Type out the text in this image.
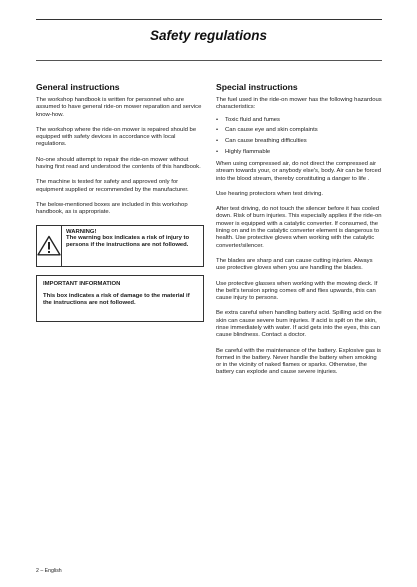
Safety regulations
General instructions

The workshop handbook is written for personnel who are assumed to have general ride-on mower reparation and service know-how.

The workshop where the ride-on mower is repaired should be equipped with safety devices in accordance with local regulations.

No-one should attempt to repair the ride-on mower without having first read and understood the contents of this handbook.

The machine is tested for safety and approved only for equipment supplied or recommended by the manufacturer.

The below-mentioned boxes are included in this workshop handbook, as is appropriate.

WARNING!
The warning box indicates a risk of injury to persons if the instructions are not followed.
IMPORTANT INFORMATION
This box indicates a risk of damage to the material if the instructions are not followed.
Special instructions

The fuel used in the ride-on mower has the following hazardous characteristics:

• Toxic fluid and fumes
• Can cause eye and skin complaints
• Can cause breathing difficulties
• Highly flammable

When using compressed air, do not direct the compressed air stream towards your, or anybody else's, body. Air can be forced into the blood stream, thereby constituting a danger to life .

Use hearing protectors when test driving.

After test driving, do not touch the silencer before it has cooled down. Risk of burn injuries. This especially applies if the ride-on mower is equipped with a catalytic converter. If consumed, the lining on and in the catalytic converter element is dangerous to health. Use protective gloves when working with the catalytic converter/silencer.

The blades are sharp and can cause cutting injuries. Always use protective gloves when you are handling the blades.

Use protective glasses when working with the mowing deck. If the belt's tension spring comes off and flies upwards, this can cause injury to persons.

Be extra careful when handling battery acid. Spilling acid on the skin can cause severe burn injuries. If acid is spilt on the skin, rinse immediately with water. If acid gets into the eyes, this can cause blindness. Contact a doctor.

Be careful with the maintenance of the battery. Explosive gas is formed in the battery. Never handle the battery when smoking or in the vicinity of naked flames or sparks. Otherwise, the battery can explode and cause severe injuries.

2 – English
